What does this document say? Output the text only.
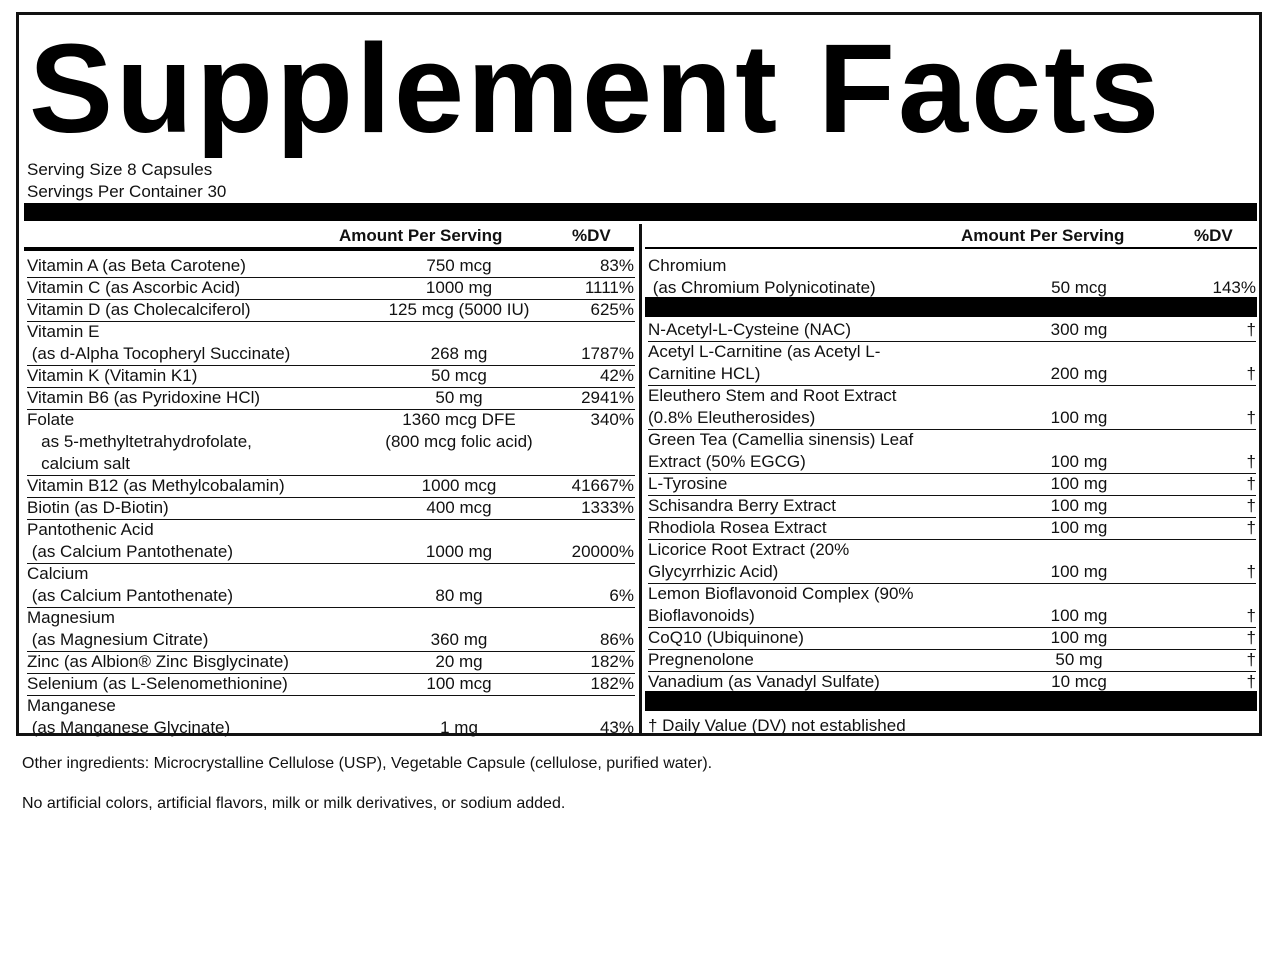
Supplement Facts
Serving Size 8 Capsules
Servings Per Container 30
Amount Per Serving	%DV	Amount Per Serving	%DV
Vitamin A (as Beta Carotene)	750 mcg	83%
Vitamin C (as Ascorbic Acid)	1000 mg	1111%
Vitamin D (as Cholecalciferol)	125 mcg (5000 IU)	625%
Vitamin E
(as d-Alpha Tocopheryl Succinate)	268 mg	1787%
Vitamin K (Vitamin K1)	50 mcg	42%
Vitamin B6 (as Pyridoxine HCl)	50 mg	2941%
Folate	1360 mcg DFE	340%
as 5-methyltetrahydrofolate,	(800 mcg folic acid)
calcium salt
Vitamin B12 (as Methylcobalamin)	1000 mcg	41667%
Biotin (as D-Biotin)	400 mcg	1333%
Pantothenic Acid
(as Calcium Pantothenate)	1000 mg	20000%
Calcium
(as Calcium Pantothenate)	80 mg	6%
Magnesium
(as Magnesium Citrate)	360 mg	86%
Zinc (as Albion® Zinc Bisglycinate)	20 mg	182%
Selenium (as L-Selenomethionine)	100 mcg	182%
Manganese
(as Manganese Glycinate)	1 mg	43%
Chromium
(as Chromium Polynicotinate)	50 mcg	143%
N-Acetyl-L-Cysteine (NAC)	300 mg	†
Acetyl L-Carnitine (as Acetyl L-
Carnitine HCL)	200 mg	†
Eleuthero Stem and Root Extract
(0.8% Eleutherosides)	100 mg	†
Green Tea (Camellia sinensis) Leaf
Extract (50% EGCG)	100 mg	†
L-Tyrosine	100 mg	†
Schisandra Berry Extract	100 mg	†
Rhodiola Rosea Extract	100 mg	†
Licorice Root Extract (20%
Glycyrrhizic Acid)	100 mg	†
Lemon Bioflavonoid Complex (90%
Bioflavonoids)	100 mg	†
CoQ10 (Ubiquinone)	100 mg	†
Pregnenolone	50 mg	†
Vanadium (as Vanadyl Sulfate)	10 mcg	†
† Daily Value (DV) not established
Other ingredients: Microcrystalline Cellulose (USP), Vegetable Capsule (cellulose, purified water).
No artificial colors, artificial flavors, milk or milk derivatives, or sodium added.
